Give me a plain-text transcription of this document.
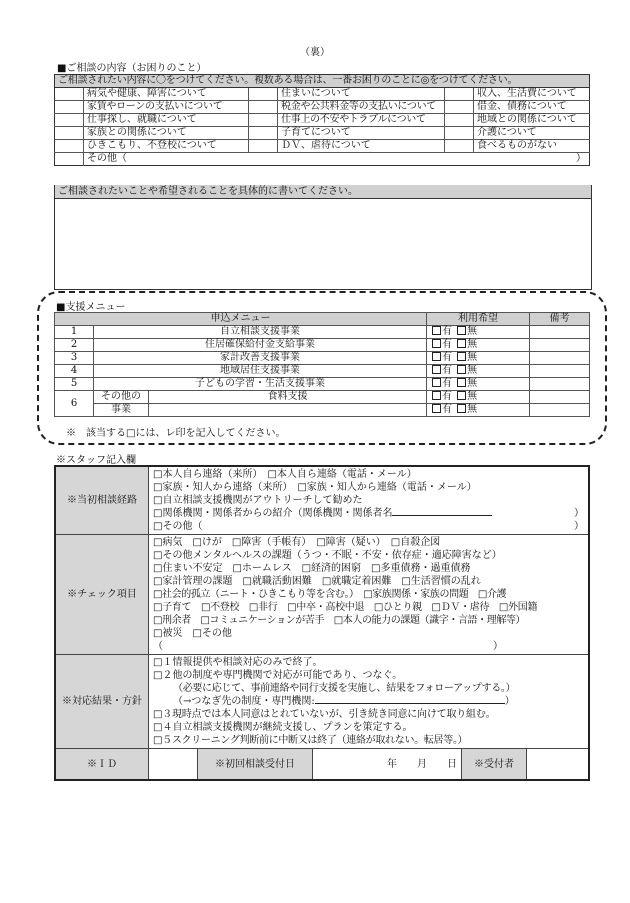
（裏）
■ご相談の内容（お困りのこと）
ご相談されたい内容に〇をつけてください。複数ある場合は、一番お困りのことに◎をつけてください。					
	病気や健康、障害について		住まいについて		収入、生活費について
	家賃やローンの支払いについて		税金や公共料金等の支払いについて		借金、債務について
	仕事探し、就職について		仕事上の不安やトラブルについて		地域との関係について
	家族との関係について		子育てについて		介護について
	ひきこもり、不登校について		ＤＶ、虐待について		食べるものがない
	その他（ ）				
ご相談されたいことや希望されることを具体的に書いてください。
■支援メニュー
申込メニュー			利用希望	備考
1	自立相談支援事業		有 無	
2	住居確保給付金支給事業		有 無	
3	家計改善支援事業		有 無	
4	地域居住支援事業		有 無	
5	子どもの学習・生活支援事業		有 無	
6	その他の	食料支援	有 無	
	事業		有 無	
※　該当する□には、レ印を記入してください。
※スタッフ記入欄
※当初相談経路	
□本人自ら連絡（来所）　□本人自ら連絡（電話・メール）
□家族・知人から連絡（来所）　□家族・知人から連絡（電話・メール）
□自立相談支援機関がアウトリーチして勧めた
□関係機関・関係者からの紹介（関係機関・関係者名	）
□その他（	）

※チェック項目	
□病気　□けが　□障害（手帳有）　□障害（疑い）　□自殺企図
□その他メンタルヘルスの課題（うつ・不眠・不安・依存症・適応障害など）
□住まい不安定　□ホームレス　□経済的困窮　□多重債務・過重債務
□家計管理の課題　□就職活動困難　□就職定着困難　□生活習慣の乱れ
□社会的孤立（ニート・ひきこもり等を含む。）　□家族関係・家族の問題　□介護
□子育て　□不登校　□非行　□中卒・高校中退　□ひとり親　□ＤＶ・虐待　□外国籍
□刑余者　□コミュニケーションが苦手　□本人の能力の課題（識字・言語・理解等）
□被災　□その他
（	）

※対応結果・方針	
□１情報提供や相談対応のみで終了。
□２他の制度や専門機関で対応が可能であり、つなぐ。
（必要に応じて、事前連絡や同行支援を実施し、結果をフォローアップする。）
（→つなぎ先の制度・専門機関:	）
□３現時点では本人同意はとれていないが、引き続き同意に向けて取り組む。
□４自立相談支援機関が継続支援し、プランを策定する。
□５スクリーニング判断前に中断又は終了（連絡が取れない。転居等。）

※ＩＤ		※初回相談受付日	年　　月　　日	※受付者	
